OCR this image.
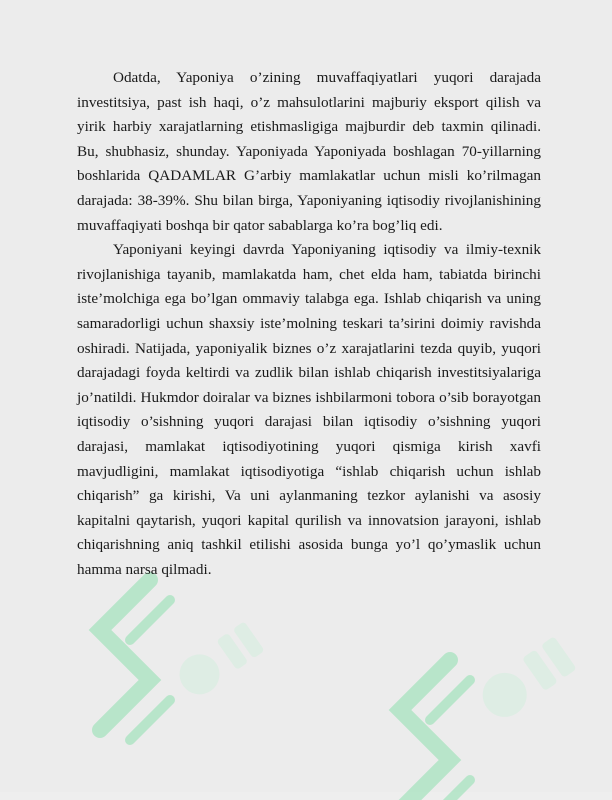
Odatda, Yaponiya o’zining muvaffaqiyatlari yuqori darajada investitsiya, past ish haqi, o’z mahsulotlarini majburiy eksport qilish va yirik harbiy xarajatlarning etishmasligiga majburdir deb taxmin qilinadi. Bu, shubhasiz, shunday. Yaponiyada Yaponiyada boshlagan 70-yillarning boshlarida QADAMLAR G’arbiy mamlakatlar uchun misli ko’rilmagan darajada: 38-39%. Shu bilan birga, Yaponiyaning iqtisodiy rivojlanishining muvaffaqiyati boshqa bir qator sabablarga ko’ra bog’liq edi.

Yaponiyani keyingi davrda Yaponiyaning iqtisodiy va ilmiy-texnik rivojlanishiga tayanib, mamlakatda ham, chet elda ham, tabiatda birinchi iste’molchiga ega bo’lgan ommaviy talabga ega. Ishlab chiqarish va uning samaradorligi uchun shaxsiy iste’molning teskari ta’sirini doimiy ravishda oshiradi. Natijada, yaponiyalik biznes o’z xarajatlarini tezda quyib, yuqori darajadagi foyda keltirdi va zudlik bilan ishlab chiqarish investitsiyalariga jo’natildi. Hukmdor doiralar va biznes ishbilarmoni tobora o’sib borayotgan iqtisodiy o’sishning yuqori darajasi bilan iqtisodiy o’sishning yuqori darajasi, mamlakat iqtisodiyotining yuqori qismiga kirish xavfi mavjudligini, mamlakat iqtisodiyotiga “ishlab chiqarish uchun ishlab chiqarish” ga kirishi, Va uni aylanmaning tezkor aylanishi va asosiy kapitalni qaytarish, yuqori kapital qurilish va innovatsion jarayoni, ishlab chiqarishning aniq tashkil etilishi asosida bunga yo’l qo’ymaslik uchun hamma narsa qilmadi.
